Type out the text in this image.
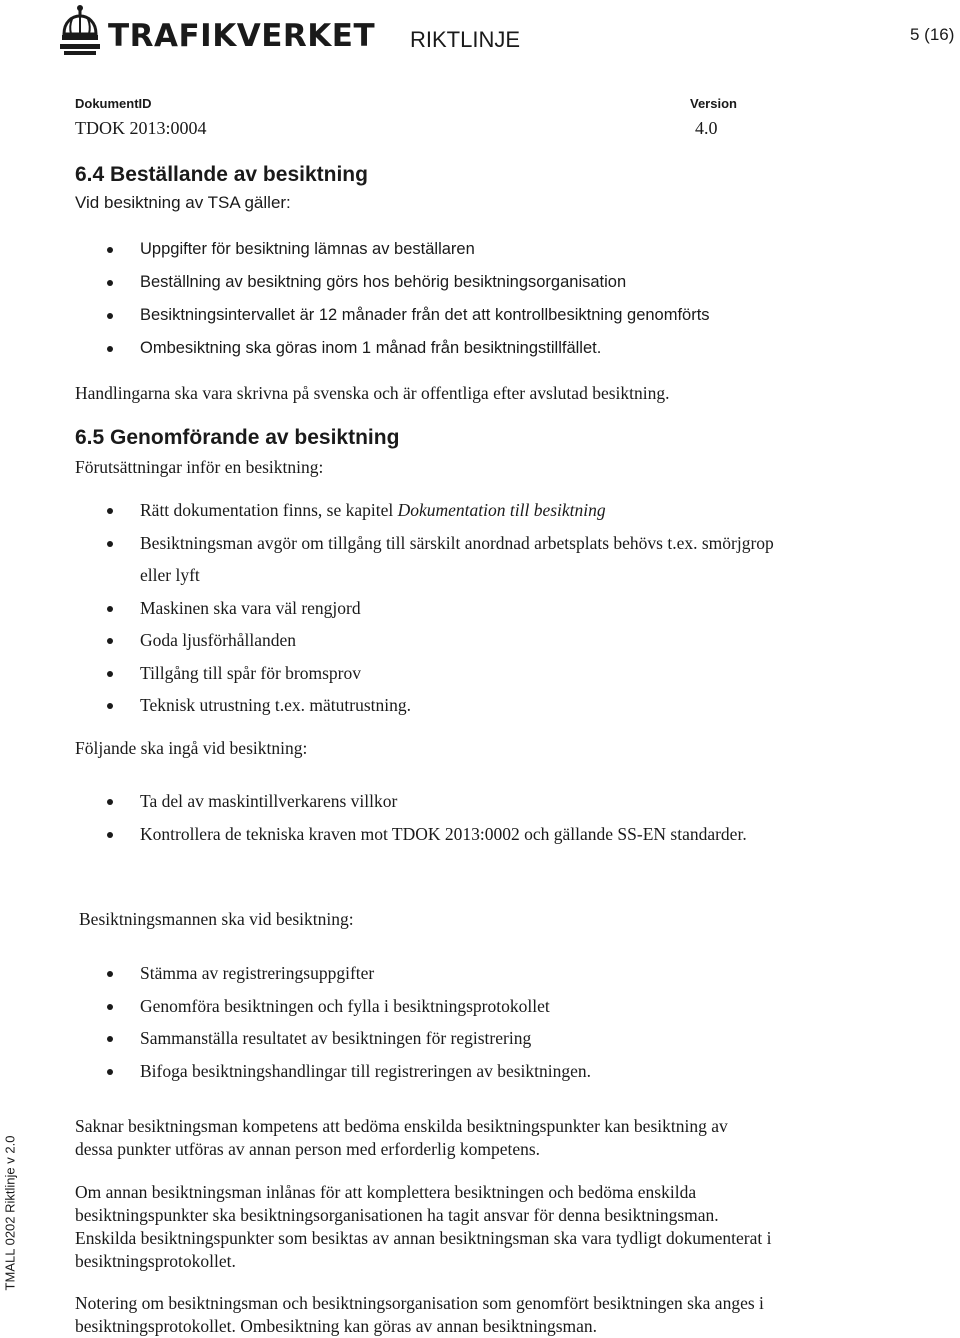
TRAFIKVERKET RIKTLINJE	5 (16)
DokumentID
TDOK 2013:0004
Version
4.0
6.4 Beställande av besiktning
Vid besiktning av TSA gäller:
Uppgifter för besiktning lämnas av beställaren
Beställning av besiktning görs hos behörig besiktningsorganisation
Besiktningsintervallet är 12 månader från det att kontrollbesiktning genomförts
Ombesiktning ska göras inom 1 månad från besiktningstillfället.
Handlingarna ska vara skrivna på svenska och är offentliga efter avslutad besiktning.
6.5 Genomförande av besiktning
Förutsättningar inför en besiktning:
Rätt dokumentation finns, se kapitel Dokumentation till besiktning
Besiktningsman avgör om tillgång till särskilt anordnad arbetsplats behövs t.ex. smörjgrop eller lyft
Maskinen ska vara väl rengjord
Goda ljusförhållanden
Tillgång till spår för bromsprov
Teknisk utrustning t.ex. mätutrustning.
Följande ska ingå vid besiktning:
Ta del av maskintillverkarens villkor
Kontrollera de tekniska kraven mot TDOK 2013:0002 och gällande SS-EN standarder.
Besiktningsmannen ska vid besiktning:
Stämma av registreringsuppgifter
Genomföra besiktningen och fylla i besiktningsprotokollet
Sammanställa resultatet av besiktningen för registrering
Bifoga besiktningshandlingar till registreringen av besiktningen.
Saknar besiktningsman kompetens att bedöma enskilda besiktningspunkter kan besiktning av dessa punkter utföras av annan person med erforderlig kompetens.
Om annan besiktningsman inlånas för att komplettera besiktningen och bedöma enskilda besiktningspunkter ska besiktningsorganisationen ha tagit ansvar för denna besiktningsman. Enskilda besiktningspunkter som besiktas av annan besiktningsman ska vara tydligt dokumenterat i besiktningsprotokollet.
Notering om besiktningsman och besiktningsorganisation som genomfört besiktningen ska anges i besiktningsprotokollet. Ombesiktning kan göras av annan besiktningsman.
TMALL 0202 Riktlinje v 2.0
